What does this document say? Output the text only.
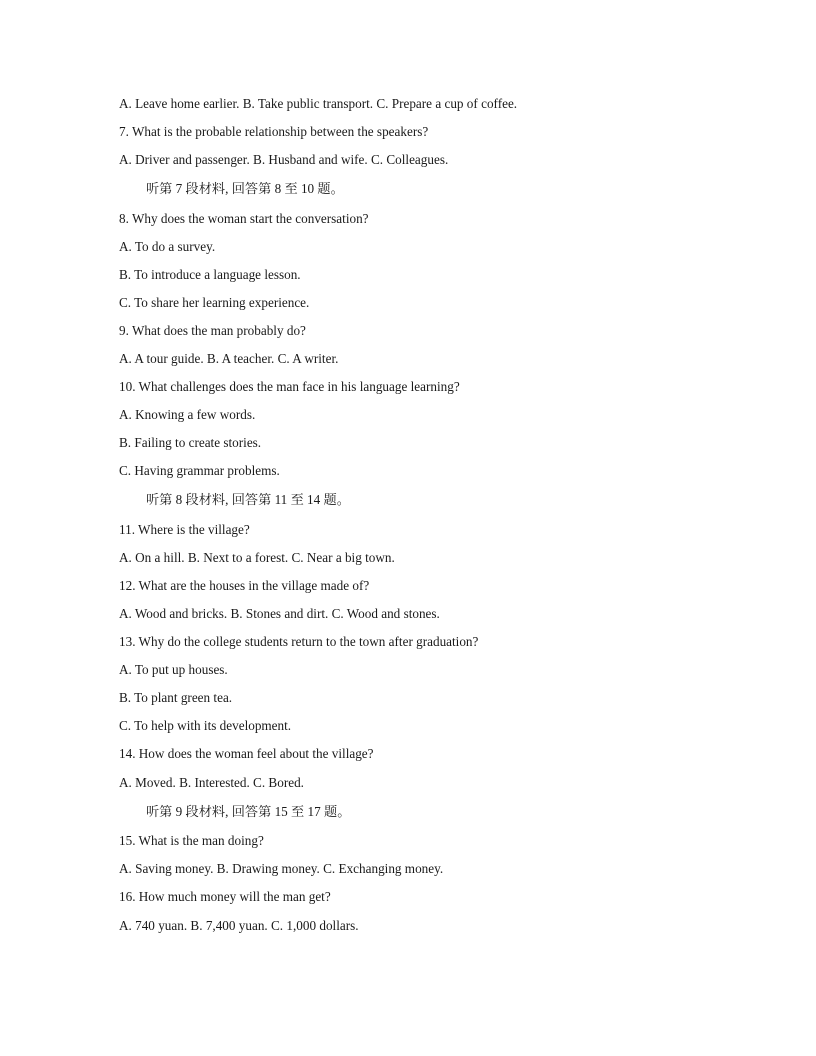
A. Leave home earlier. B. Take public transport. C. Prepare a cup of coffee.
7. What is the probable relationship between the speakers?
A. Driver and passenger. B. Husband and wife. C. Colleagues.
听第 7 段材料, 回答第 8 至 10 题。
8. Why does the woman start the conversation?
A. To do a survey.
B. To introduce a language lesson.
C. To share her learning experience.
9. What does the man probably do?
A. A tour guide. B. A teacher. C. A writer.
10. What challenges does the man face in his language learning?
A. Knowing a few words.
B. Failing to create stories.
C. Having grammar problems.
听第 8 段材料, 回答第 11 至 14 题。
11. Where is the village?
A. On a hill. B. Next to a forest. C. Near a big town.
12. What are the houses in the village made of?
A. Wood and bricks. B. Stones and dirt. C. Wood and stones.
13. Why do the college students return to the town after graduation?
A. To put up houses.
B. To plant green tea.
C. To help with its development.
14. How does the woman feel about the village?
A. Moved. B. Interested. C. Bored.
听第 9 段材料, 回答第 15 至 17 题。
15. What is the man doing?
A. Saving money. B. Drawing money. C. Exchanging money.
16. How much money will the man get?
A. 740 yuan. B. 7,400 yuan. C. 1,000 dollars.
